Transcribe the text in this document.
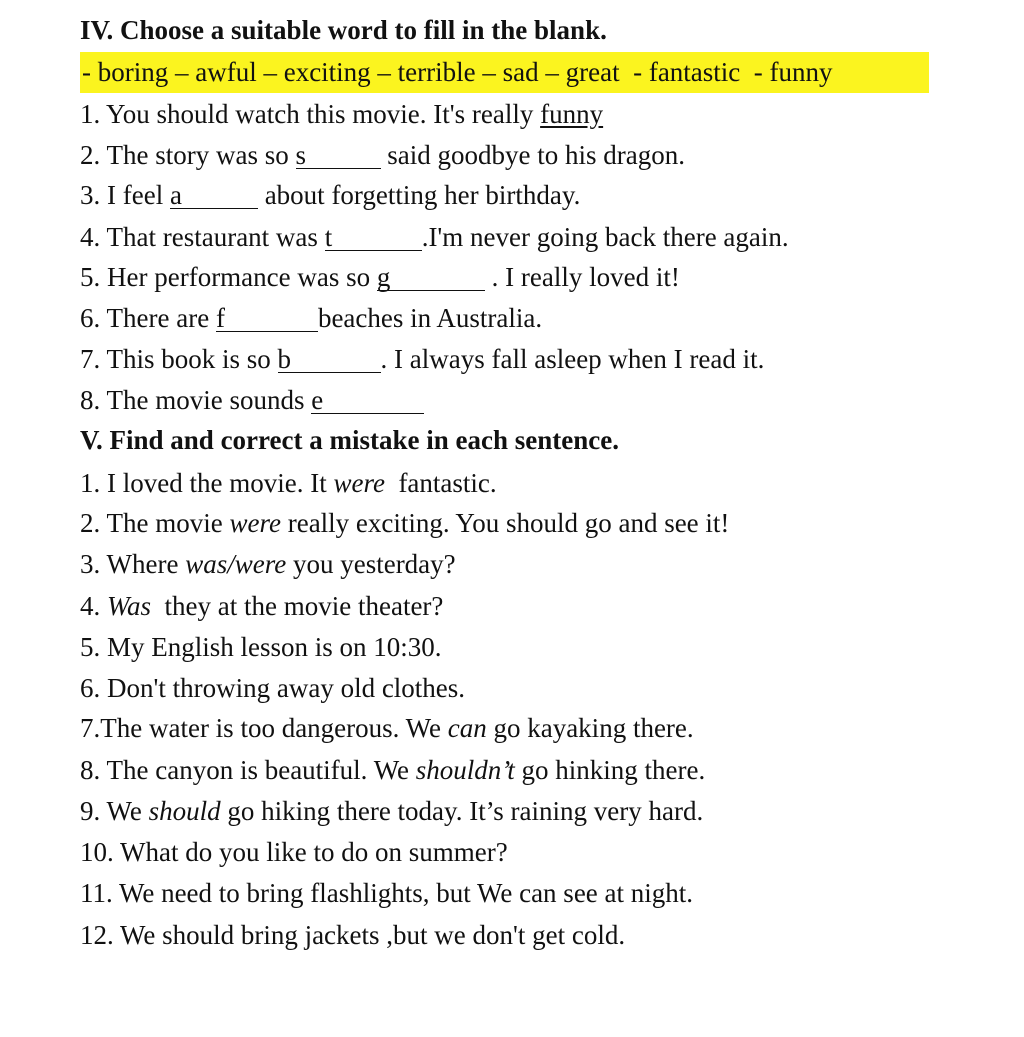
IV. Choose a suitable word to fill in the blank.
- boring – awful – exciting – terrible – sad – great  - fantastic  - funny
1. You should watch this movie. It's really funny
2. The story was so s	said goodbye to his dragon.
3. I feel a	about forgetting her birthday.
4. That restaurant was t	.I'm never going back there again.
5. Her performance was so g	. I really loved it!
6. There are f	beaches in Australia.
7. This book is so b	. I always fall asleep when I read it.
8. The movie sounds e
V. Find and correct a mistake in each sentence.
1. I loved the movie. It were  fantastic.
2. The movie were really exciting. You should go and see it!
3. Where was/were you yesterday?
4. Was  they at the movie theater?
5. My English lesson is on 10:30.
6. Don't throwing away old clothes.
7.The water is too dangerous. We can go kayaking there.
8. The canyon is beautiful. We shouldn’t go hinking there.
9. We should go hiking there today. It’s raining very hard.
10. What do you like to do on summer?
11. We need to bring flashlights, but We can see at night.
12. We should bring jackets ,but we don't get cold.
